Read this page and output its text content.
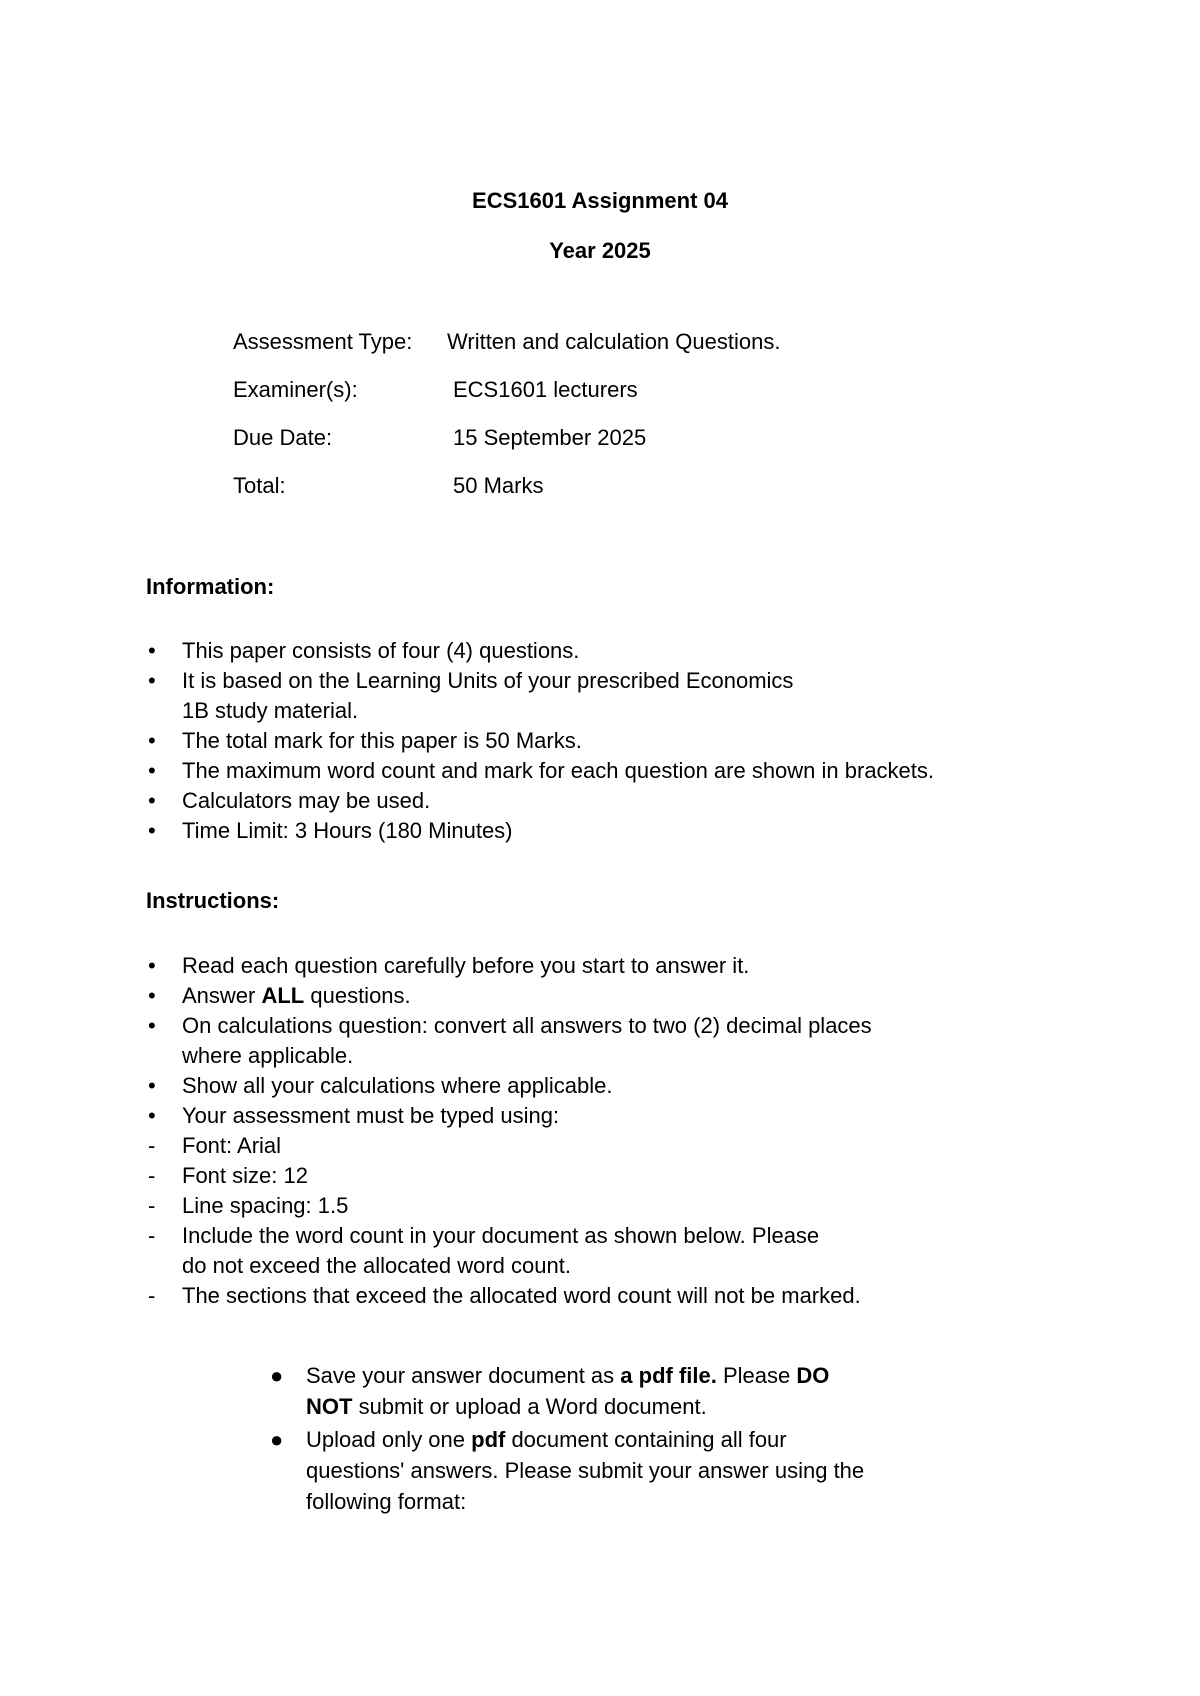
ECS1601 Assignment 04

Year 2025

Assessment Type:	Written and calculation Questions.
Examiner(s):	ECS1601 lecturers
Due Date:	15 September 2025
Total:	50 Marks

Information:

• This paper consists of four (4) questions.
• It is based on the Learning Units of your prescribed Economics
1B study material.
• The total mark for this paper is 50 Marks.
• The maximum word count and mark for each question are shown in brackets.
• Calculators may be used.
• Time Limit: 3 Hours (180 Minutes)

Instructions:

• Read each question carefully before you start to answer it.
• Answer ALL questions.
• On calculations question: convert all answers to two (2) decimal places
where applicable.
• Show all your calculations where applicable.
• Your assessment must be typed using:
- Font: Arial
- Font size: 12
- Line spacing: 1.5
- Include the word count in your document as shown below. Please
do not exceed the allocated word count.
- The sections that exceed the allocated word count will not be marked.
● Save your answer document as a pdf file. Please DO
NOT submit or upload a Word document.
● Upload only one pdf document containing all four
questions' answers. Please submit your answer using the
following format:
